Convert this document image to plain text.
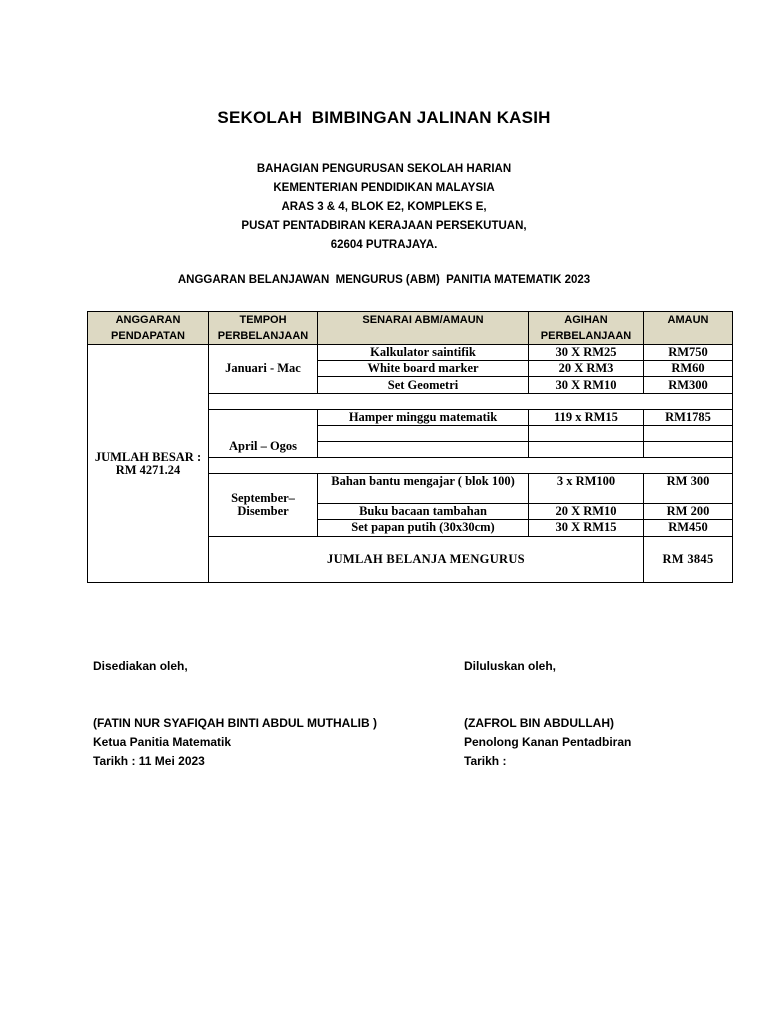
SEKOLAH  BIMBINGAN JALINAN KASIH
BAHAGIAN PENGURUSAN SEKOLAH HARIAN
KEMENTERIAN PENDIDIKAN MALAYSIA
ARAS 3 & 4, BLOK E2, KOMPLEKS E,
PUSAT PENTADBIRAN KERAJAAN PERSEKUTUAN,
62604 PUTRAJAYA.
ANGGARAN BELANJAWAN  MENGURUS (ABM)  PANITIA MATEMATIK 2023
ANGGARAN PENDAPATAN	TEMPOH PERBELANJAAN	SENARAI ABM/AMAUN	AGIHAN PERBELANJAAN	AMAUN
JUMLAH BESAR : RM 4271.24	Januari - Mac	Kalkulator saintifik	30 X RM25	RM750
		White board marker	20 X RM3	RM60
		Set Geometri	30 X RM10	RM300

	April – Ogos	Hamper minggu matematik	119 x RM15	RM1785

	September– Disember	Bahan bantu mengajar ( blok 100)	3 x RM100	RM 300
		Buku bacaan tambahan	20 X RM10	RM 200
		Set papan putih (30x30cm)	30 X RM15	RM450
	JUMLAH BELANJA MENGURUS			RM 3845
Disediakan oleh,
(FATIN NUR SYAFIQAH BINTI ABDUL MUTHALIB )
Ketua Panitia Matematik
Tarikh : 11 Mei 2023
Diluluskan oleh,
(ZAFROL BIN ABDULLAH)
Penolong Kanan Pentadbiran
Tarikh :
